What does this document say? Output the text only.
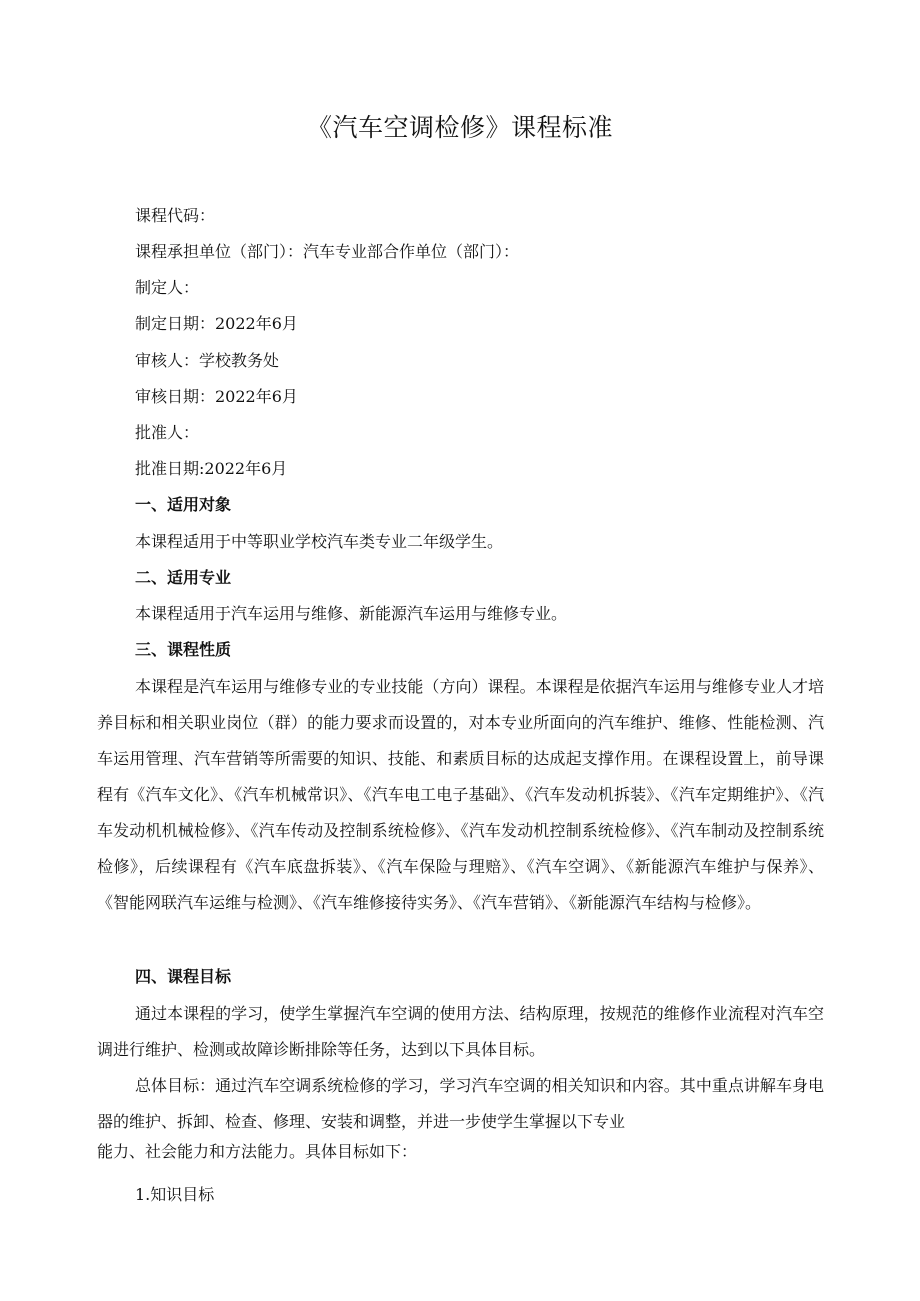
《汽车空调检修》课程标准
课程代码：
课程承担单位（部门）：汽车专业部合作单位（部门）：
制定人：
制定日期：2022年6月
审核人：学校教务处
审核日期：2022年6月
批准人：
批准日期:2022年6月
一、适用对象
本课程适用于中等职业学校汽车类专业二年级学生。
二、适用专业
本课程适用于汽车运用与维修、新能源汽车运用与维修专业。
三、课程性质
本课程是汽车运用与维修专业的专业技能（方向）课程。本课程是依据汽车运用与维修专业人才培养目标和相关职业岗位（群）的能力要求而设置的，对本专业所面向的汽车维护、维修、性能检测、汽车运用管理、汽车营销等所需要的知识、技能、和素质目标的达成起支撑作用。在课程设置上，前导课程有《汽车文化》、《汽车机械常识》、《汽车电工电子基础》、《汽车发动机拆装》、《汽车定期维护》、《汽车发动机机械检修》、《汽车传动及控制系统检修》、《汽车发动机控制系统检修》、《汽车制动及控制系统检修》，后续课程有《汽车底盘拆装》、《汽车保险与理赔》、《汽车空调》、《新能源汽车维护与保养》、《智能网联汽车运维与检测》、《汽车维修接待实务》、《汽车营销》、《新能源汽车结构与检修》。
四、课程目标
通过本课程的学习，使学生掌握汽车空调的使用方法、结构原理，按规范的维修作业流程对汽车空调进行维护、检测或故障诊断排除等任务，达到以下具体目标。
总体目标：通过汽车空调系统检修的学习，学习汽车空调的相关知识和内容。其中重点讲解车身电器的维护、拆卸、检查、修理、安装和调整，并进一步使学生掌握以下专业
能力、社会能力和方法能力。具体目标如下：
1.知识目标
